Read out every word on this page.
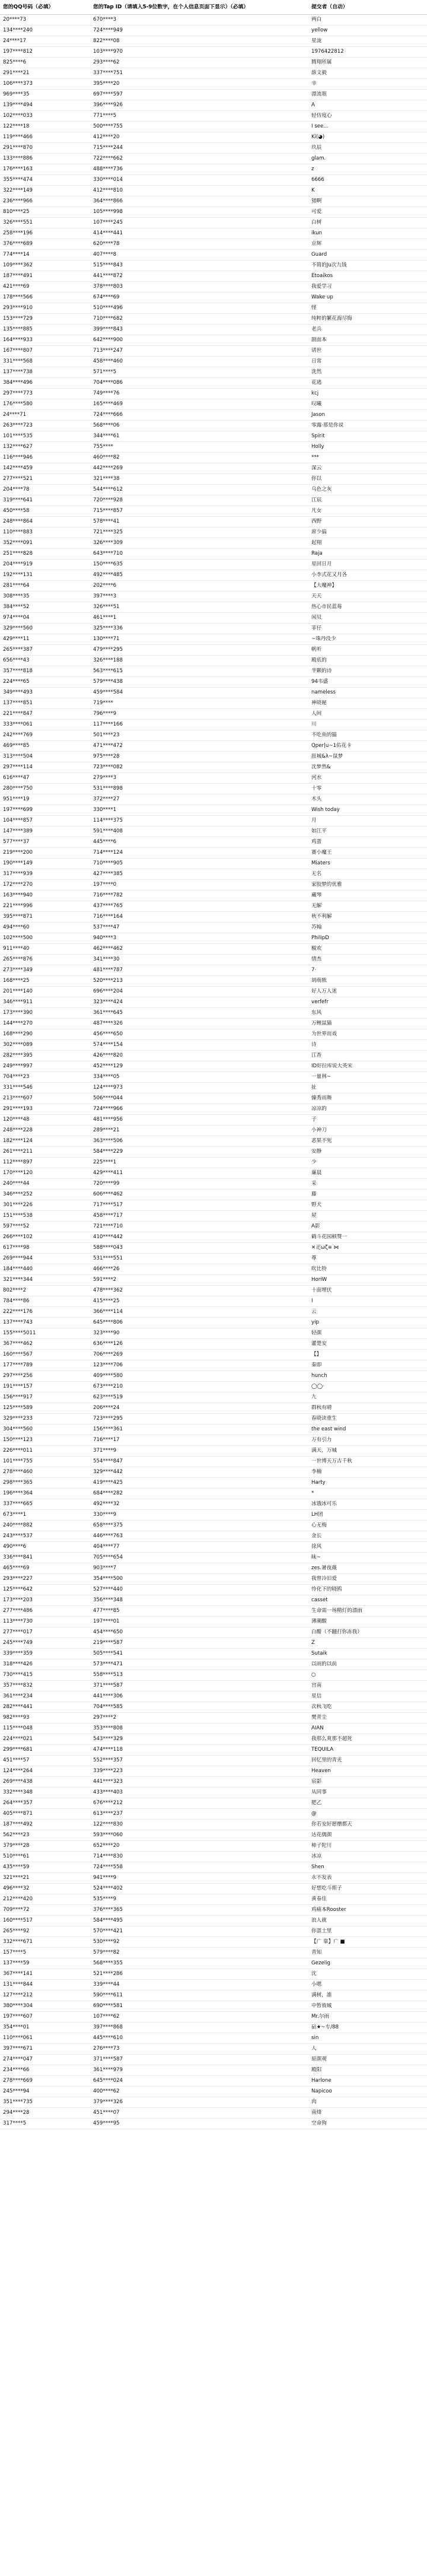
您的QQ号码（必填）	您的Tap ID（请填入5-9位数字，在个人信息页面下显示）（必填）	提交者（自动）
20****73	670****3	两白
134****240	724****949	yellow
24****17	822****08	星泷
197****812	103****970	1976422812
825****6	293****62	腾翔所属
291****21	337****751	薛文毅
106****373	395****20	辛
969****35	697****597	漂流瓶
139****494	396****926	A
102****033	771****5	轻仿度心
122****18	500****755	I see...
119****466	412****20	Ki(◕)
291****870	715****244	玖辰
133****886	722****662	glam.
176****163	488****736	z
355****474	330****014	6666
322****149	412****810	K
236****966	364****866	猪啊
810****25	105****998	可爱
326****551	107****245	白树
258****196	414****441	ikun
376****689	620****78	京辉
774****14	407****8	Guard
109****362	515****843	不简的Ju次九钱
187****491	441****872	Etoaikos
421****69	378****803	我爱学习
178****566	674****69	Wake up
293****910	510****496	怪
153****729	710****682	纯粹的繁花海尽悔
135****885	399****843	老兵
164****933	642****900	剧面本
167****807	713****247	请世
331****568	458****460	日常
137****738	571****5	洗然
384****496	704****086	花逃
297****773	749****76	kcj
176****580	165****469	叹曦
24****71	724****666	Jason
263****723	568****06	零露·那是你说
101****535	344****61	Spirit
132****627	755****	Holly
116****946	460****82	***
142****459	442****269	深云
277****521	321****38	你以
204****78	544****612	乌色之灰
319****641	720****928	江宸
450****58	715****857	凡女
248****864	578****41	西野
110****883	721****325	席少搞
352****091	326****309	起翔
251****828	643****710	Raja
204****919	150****635	星回日月
192****131	492****485	小李式花又月各
281****64	202****6	【大魔神】
308****35	397****3	天天
384****52	326****51	热心市民蓝莓
974****04	461****1	闲贝
329****560	325****336	菲仔
429****11	130****71	~珠丹没少
265****387	479****295	帆听
656****43	326****188	殿底的
357****818	563****615	半颗的诗
224****65	579****438	94韦盛
349****493	459****584	nameless
137****851	719****	神晓秘
221****847	796****9	人间
333****061	117****166	川
242****769	501****23	不吃鱼的猫
469****85	471****472	Qper|u~1佑花卡
313****504	975****28	扭城&λ~鼠梦
297****114	723****082	沈梦然&
616****47	279****3	河水
280****750	531****898	十零
951****19	372****27	木头
197****699	330****1	Wish today
104****857	114****375	月
147****389	591****408	如江平
577****37	445****6	鸡蛋
219****200	714****124	赛小魔王
190****149	710****905	Miaters
317****939	427****385	无名
172****270	197****0	家胶梦的优雅
163****940	716****782	藏琴
221****996	437****765	无解
395****871	716****164	秋不利解
494****60	537****47	苏翰
102****500	940****3	PhilipD
911****40	462****462	椒欢
265****876	341****30	情杰
273****349	481****787	7·
168****25	520****213	胡萌熊
201****140	696****204	好人万人迷
346****911	323****424	verfefr
173****390	361****645	东风
144****270	487****326	万鲤鼠猫
168****290	456****650	为世界而戏
302****089	574****154	诗
282****395	426****820	江香
249****997	452****129	ID好拉库说大英宋
704****23	334****05	一量林~
331****546	124****973	扯
213****607	506****044	慷秀而舞
291****193	724****966	凉凉的
120****48	481****956	子
248****228	289****21	小神刀
182****124	363****506	恶果不死
261****211	584****229	安静
112****897	225****1	少
170****120	429****411	廉晨
240****44	720****99	采
346****252	606****462	藤
301****226	717****517	野犬
151****538	458****717	屋
597****52	721****710	A影
266****102	410****442	鹤斗花园顿赞一
617****98	588****043	✕疋ωζ≡ ⋈
269****944	531****551	尊
184****440	466****26	吹比特
321****344	591****2	HoriW
802****2	478****362	十面埋伏
784****86	415****25	I
222****176	366****114	云
137****743	645****806	yip
155****5011	323****90	轻颜
367****462	636****126	灌楚安
160****567	706****269	【】
177****789	123****706	秦即
297****256	409****580	hunch
191****157	673****210	◯◯·
156****917	623****519	九
125****589	206****24	群秋有晴
329****233	723****295	春晓读重生
304****560	156****361	the east wind
150****123	716****17	万有引力
226****011	371****9	满天，万城
101****755	554****847	一世博天万古千秋
278****460	329****442	李楠
298****365	419****425	Harty
196****364	684****282	*
337****665	492****32	冰饿冰可乐
673****1	330****9	LH团
240****882	658****375	心无梅
243****537	446****763	金长
490****6	404****77	徐风
336****841	705****654	昧~
465****69	903****7	zes.暑夜薇
293****227	354****500	我曾冷旧爱
125****642	527****440	怜化下的晓鸥
173****203	356****348	casset
277****486	477****85	生命需一场精灯的漂雨
113****730	197****01	薄潮酸
277****017	454****650	白醋（不翻打你冻我）
245****749	219****587	Z
339****359	505****541	Sutaik
318****426	573****471	以雨的以前
730****415	558****513	○
357****832	371****587	宫南
361****234	441****306	星信
282****441	704****585	次秋飞吃
982****93	297****2	樊青尘
115****048	353****808	AIAN
224****021	543****329	我那么爽那不超死
299****681	474****118	TEQUILA
451****57	552****357	回忆里的青光
124****264	339****223	Heaven
269****438	441****323	宸影
332****348	433****403	从同事
264****357	676****212	肥乙
405****871	613****237	@
187****492	122****830	你若安好愿赠都天
562****23	593****060	达花儒颜
379****28	652****20	柿子陀川
510****61	714****830	冰凉
435****59	724****558	Shen
321****21	941****9	永不发表
496****32	524****402	好想吃斗斯子
212****420	535****9	黄春佳
709****72	376****365	鸡痛本Rooster
160****517	584****495	浪人就
265****92	570****421	你蛋土里
332****671	530****92	【广 靠】广 ■
157****5	579****82	青知
137****59	568****355	Gezelig
367****141	521****286	沈
131****844	339****44	小嗯
127****212	590****611	满树，誰
380****304	690****581	中暂彼城
197****607	107****62	Mr.尔雨
354****01	397****868	砧★~专/88
110****061	445****610	sin
397****671	276****73	人
274****047	371****587	原颜观
234****66	361****979	殿阳
278****669	645****024	Harlone
245****94	400****62	Napicoo
351****735	379****326	肉
294****28	451****07	南烽
317****5	459****95	空命狗
